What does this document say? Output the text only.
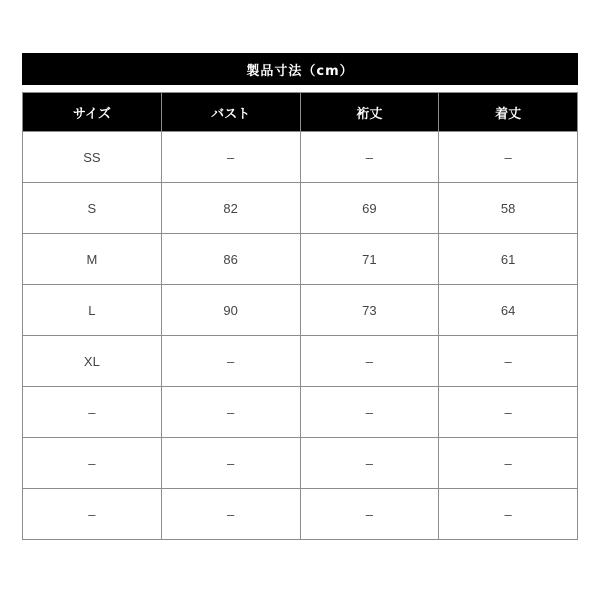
製品寸法（cm）
サイズ	バスト	裄丈	着丈
SS	–	–	–
S	82	69	58
M	86	71	61
L	90	73	64
XL	–	–	–
–	–	–	–
–	–	–	–
–	–	–	–
